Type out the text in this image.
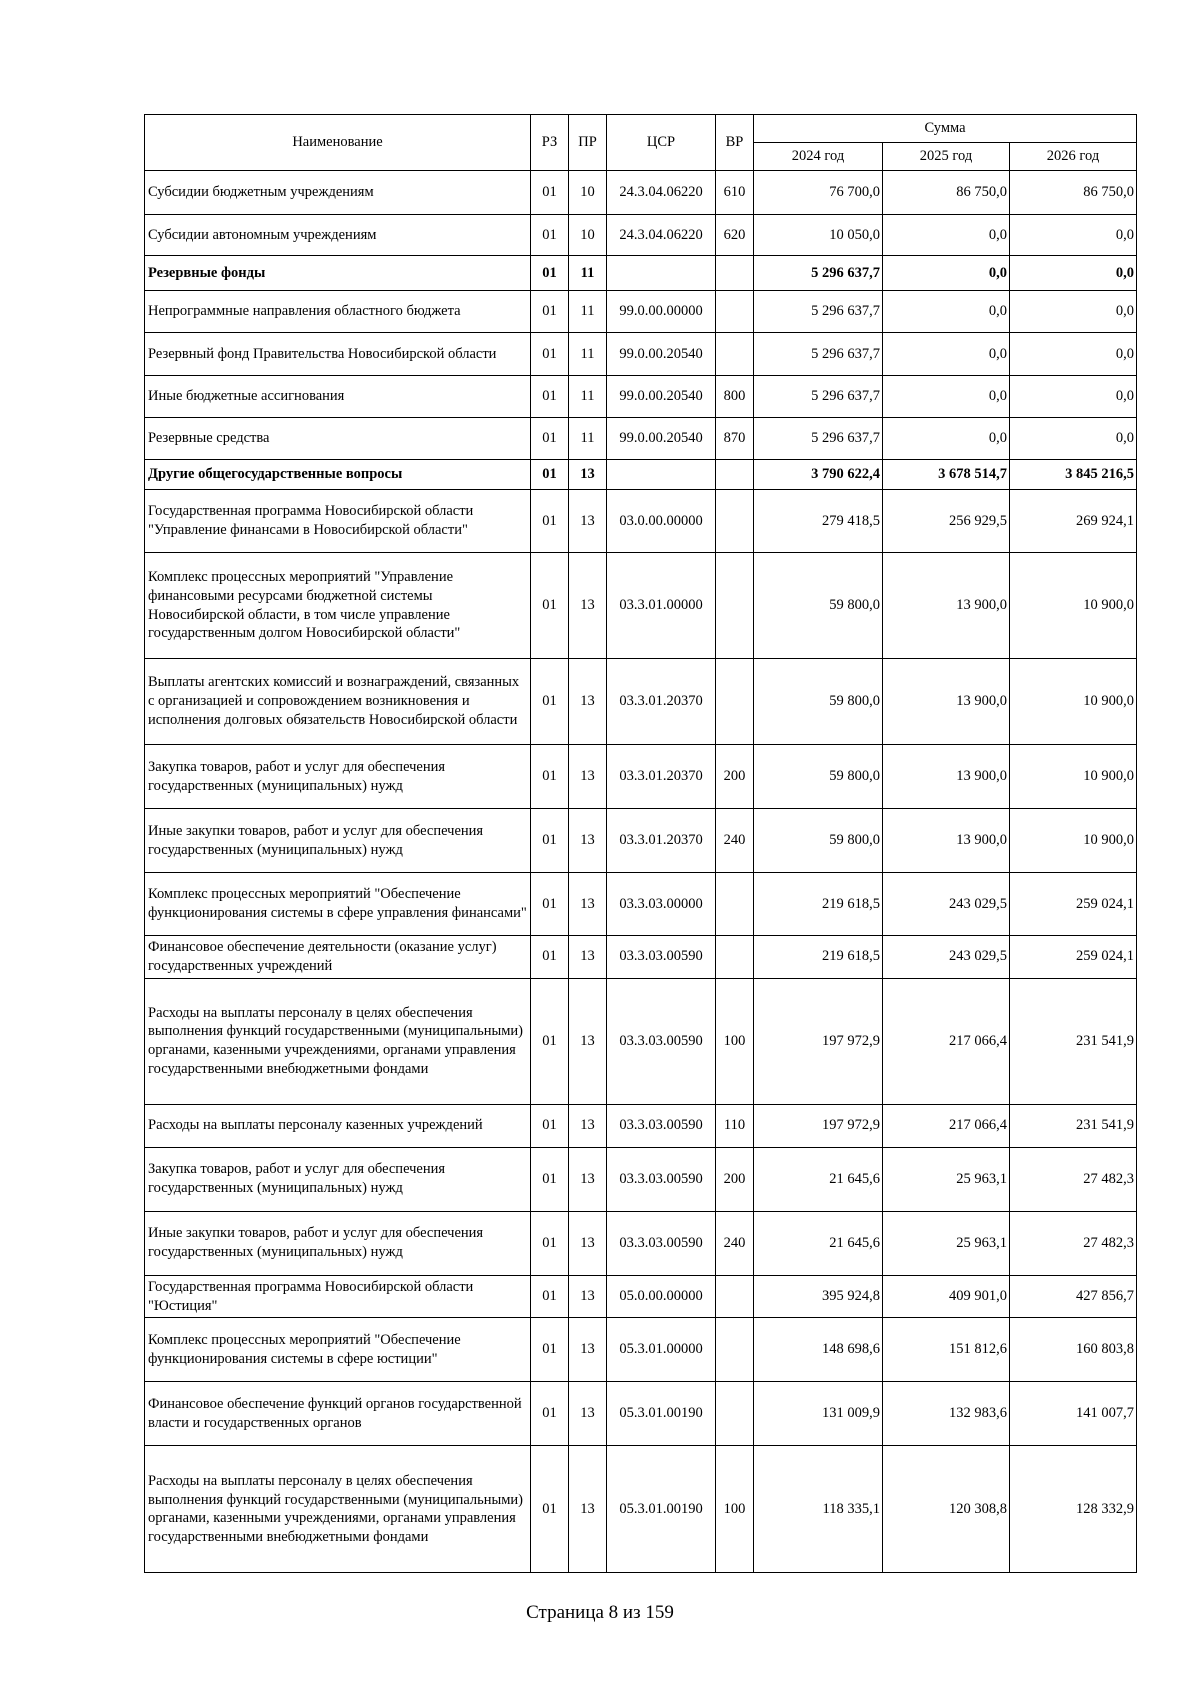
Наименование	РЗ	ПР	ЦСР	ВР	Сумма		
					2024 год	2025 год	2026 год
Субсидии бюджетным учреждениям	01	10	24.3.04.06220	610	76 700,0	86 750,0	86 750,0
Субсидии автономным учреждениям	01	10	24.3.04.06220	620	10 050,0	0,0	0,0
Резервные фонды	01	11			5 296 637,7	0,0	0,0
Непрограммные направления областного бюджета	01	11	99.0.00.00000		5 296 637,7	0,0	0,0
Резервный фонд Правительства Новосибирской области	01	11	99.0.00.20540		5 296 637,7	0,0	0,0
Иные бюджетные ассигнования	01	11	99.0.00.20540	800	5 296 637,7	0,0	0,0
Резервные средства	01	11	99.0.00.20540	870	5 296 637,7	0,0	0,0
Другие общегосударственные вопросы	01	13			3 790 622,4	3 678 514,7	3 845 216,5
Государственная программа Новосибирской области "Управление финансами в Новосибирской области"	01	13	03.0.00.00000		279 418,5	256 929,5	269 924,1
Комплекс процессных мероприятий "Управление финансовыми ресурсами бюджетной системы Новосибирской области, в том числе управление государственным долгом Новосибирской области"	01	13	03.3.01.00000		59 800,0	13 900,0	10 900,0
Выплаты агентских комиссий и вознаграждений, связанных с организацией и сопровождением возникновения и исполнения долговых обязательств Новосибирской области	01	13	03.3.01.20370		59 800,0	13 900,0	10 900,0
Закупка товаров, работ и услуг для обеспечения государственных (муниципальных) нужд	01	13	03.3.01.20370	200	59 800,0	13 900,0	10 900,0
Иные закупки товаров, работ и услуг для обеспечения государственных (муниципальных) нужд	01	13	03.3.01.20370	240	59 800,0	13 900,0	10 900,0
Комплекс процессных мероприятий "Обеспечение функционирования системы в сфере управления финансами"	01	13	03.3.03.00000		219 618,5	243 029,5	259 024,1
Финансовое обеспечение деятельности (оказание услуг) государственных учреждений	01	13	03.3.03.00590		219 618,5	243 029,5	259 024,1
Расходы на выплаты персоналу в целях обеспечения выполнения функций государственными (муниципальными) органами, казенными учреждениями, органами управления государственными внебюджетными фондами	01	13	03.3.03.00590	100	197 972,9	217 066,4	231 541,9
Расходы на выплаты персоналу казенных учреждений	01	13	03.3.03.00590	110	197 972,9	217 066,4	231 541,9
Закупка товаров, работ и услуг для обеспечения государственных (муниципальных) нужд	01	13	03.3.03.00590	200	21 645,6	25 963,1	27 482,3
Иные закупки товаров, работ и услуг для обеспечения государственных (муниципальных) нужд	01	13	03.3.03.00590	240	21 645,6	25 963,1	27 482,3
Государственная программа Новосибирской области "Юстиция"	01	13	05.0.00.00000		395 924,8	409 901,0	427 856,7
Комплекс процессных мероприятий "Обеспечение функционирования системы в сфере юстиции"	01	13	05.3.01.00000		148 698,6	151 812,6	160 803,8
Финансовое обеспечение функций органов государственной власти и государственных органов	01	13	05.3.01.00190		131 009,9	132 983,6	141 007,7
Расходы на выплаты персоналу в целях обеспечения выполнения функций государственными (муниципальными) органами, казенными учреждениями, органами управления государственными внебюджетными фондами	01	13	05.3.01.00190	100	118 335,1	120 308,8	128 332,9
Страница 8 из 159
